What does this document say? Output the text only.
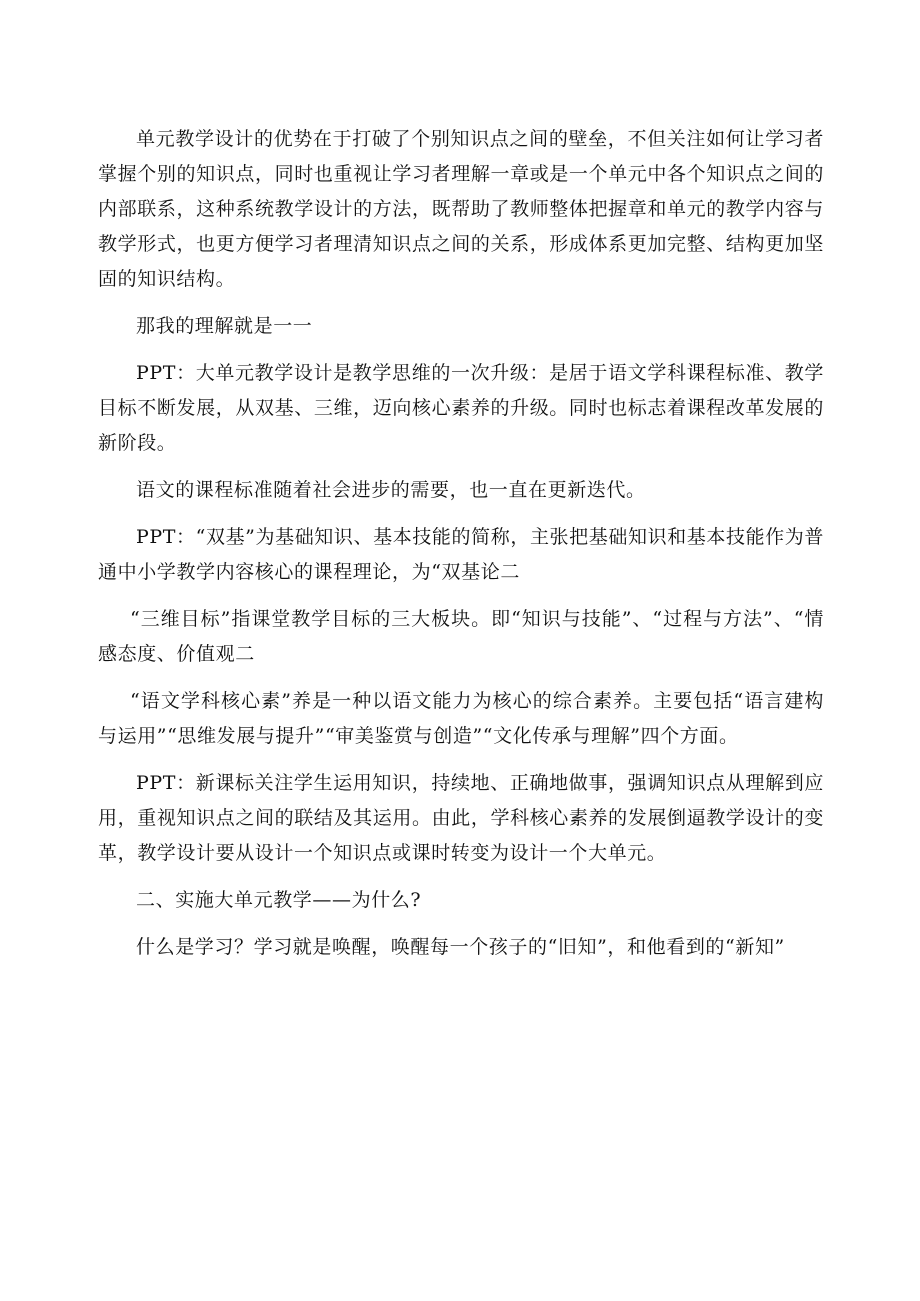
单元教学设计的优势在于打破了个别知识点之间的壁垒，不但关注如何让学习者掌握个别的知识点，同时也重视让学习者理解一章或是一个单元中各个知识点之间的内部联系，这种系统教学设计的方法，既帮助了教师整体把握章和单元的教学内容与教学形式，也更方便学习者理清知识点之间的关系，形成体系更加完整、结构更加坚固的知识结构。

那我的理解就是一一

PPT：大单元教学设计是教学思维的一次升级：是居于语文学科课程标准、教学目标不断发展，从双基、三维，迈向核心素养的升级。同时也标志着课程改革发展的新阶段。

语文的课程标准随着社会进步的需要，也一直在更新迭代。

PPT：“双基”为基础知识、基本技能的简称，主张把基础知识和基本技能作为普通中小学教学内容核心的课程理论，为“双基论二

“三维目标”指课堂教学目标的三大板块。即“知识与技能”、“过程与方法”、“情感态度、价值观二

“语文学科核心素”养是一种以语文能力为核心的综合素养。主要包括“语言建构与运用”“思维发展与提升”“审美鉴赏与创造”“文化传承与理解”四个方面。

PPT：新课标关注学生运用知识，持续地、正确地做事，强调知识点从理解到应用，重视知识点之间的联结及其运用。由此，学科核心素养的发展倒逼教学设计的变革，教学设计要从设计一个知识点或课时转变为设计一个大单元。

二、实施大单元教学——为什么?

什么是学习？学习就是唤醒，唤醒每一个孩子的“旧知”，和他看到的“新知”
